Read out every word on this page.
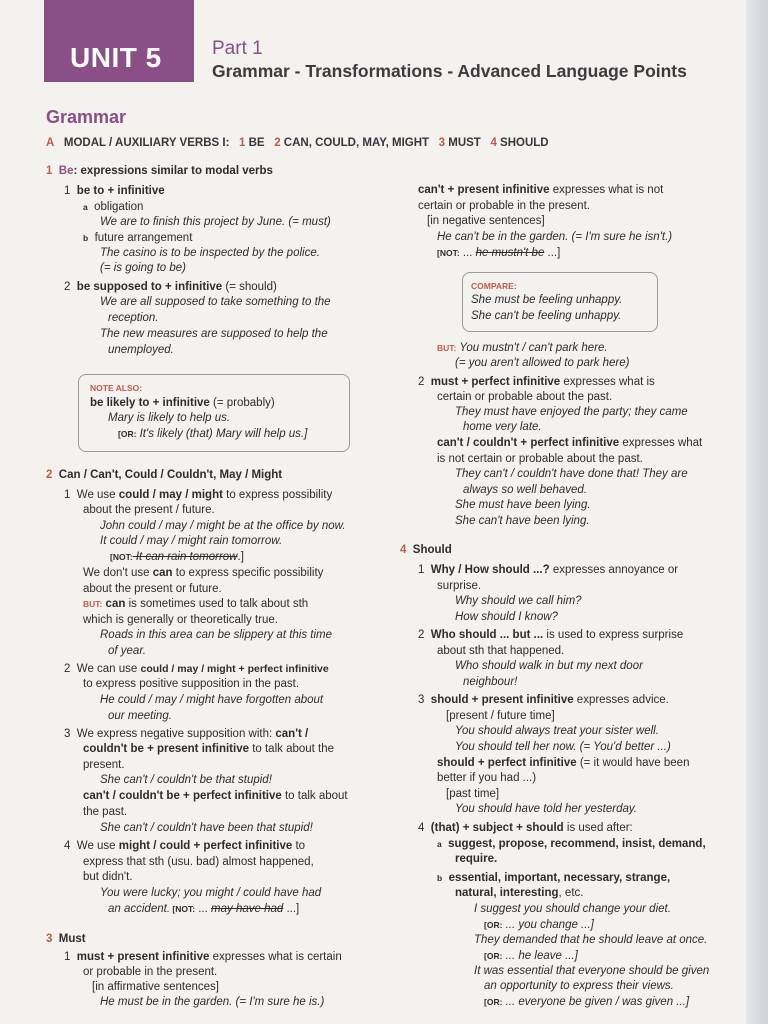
UNIT 5	Part 1
Grammar - Transformations - Advanced Language Points
Grammar
A MODAL / AUXILIARY VERBS I: 1 BE 2 CAN, COULD, MAY, MIGHT 3 MUST 4 SHOULD
1 Be: expressions similar to modal verbs
1 be to + infinitive
a obligation
We are to finish this project by June. (= must)
b future arrangement
The casino is to be inspected by the police.
(= is going to be)
2 be supposed to + infinitive (= should)
We are all supposed to take something to the
reception.
The new measures are supposed to help the
unemployed.
NOTE ALSO:
be likely to + infinitive (= probably)
Mary is likely to help us.
[OR: It's likely (that) Mary will help us.]
2 Can / Can't, Could / Couldn't, May / Might
1 We use could / may / might to express possibility
about the present / future.
John could / may / might be at the office by now.
It could / may / might rain tomorrow.
[NOT: It can rain tomorrow.]
We don't use can to express specific possibility
about the present or future.
BUT: can is sometimes used to talk about sth
which is generally or theoretically true.
Roads in this area can be slippery at this time
of year.
2 We can use could / may / might + perfect infinitive
to express positive supposition in the past.
He could / may / might have forgotten about
our meeting.
3 We express negative supposition with: can't /
couldn't be + present infinitive to talk about the
present.
She can't / couldn't be that stupid!
can't / couldn't be + perfect infinitive to talk about
the past.
She can't / couldn't have been that stupid!
4 We use might / could + perfect infinitive to
express that sth (usu. bad) almost happened,
but didn't.
You were lucky; you might / could have had
an accident. [NOT: ... may have had ...]
3 Must
1 must + present infinitive expresses what is certain
or probable in the present.
[in affirmative sentences]
He must be in the garden. (= I'm sure he is.)
can't + present infinitive expresses what is not
certain or probable in the present.
[in negative sentences]
He can't be in the garden. (= I'm sure he isn't.)
[NOT: ... he mustn't be ...]
COMPARE:
She must be feeling unhappy.
She can't be feeling unhappy.
BUT: You mustn't / can't park here.
(= you aren't allowed to park here)
2 must + perfect infinitive expresses what is
certain or probable about the past.
They must have enjoyed the party; they came
home very late.
can't / couldn't + perfect infinitive expresses what
is not certain or probable about the past.
They can't / couldn't have done that! They are
always so well behaved.
She must have been lying.
She can't have been lying.
4 Should
1 Why / How should ...? expresses annoyance or
surprise.
Why should we call him?
How should I know?
2 Who should ... but ... is used to express surprise
about sth that happened.
Who should walk in but my next door
neighbour!
3 should + present infinitive expresses advice.
[present / future time]
You should always treat your sister well.
You should tell her now. (= You'd better ...)
should + perfect infinitive (= it would have been
better if you had ...)
[past time]
You should have told her yesterday.
4 (that) + subject + should is used after:
a suggest, propose, recommend, insist, demand,
require.
b essential, important, necessary, strange,
natural, interesting, etc.
I suggest you should change your diet.
[OR: ... you change ...]
They demanded that he should leave at once.
[OR: ... he leave ...]
It was essential that everyone should be given
an opportunity to express their views.
[OR: ... everyone be given / was given ...]
